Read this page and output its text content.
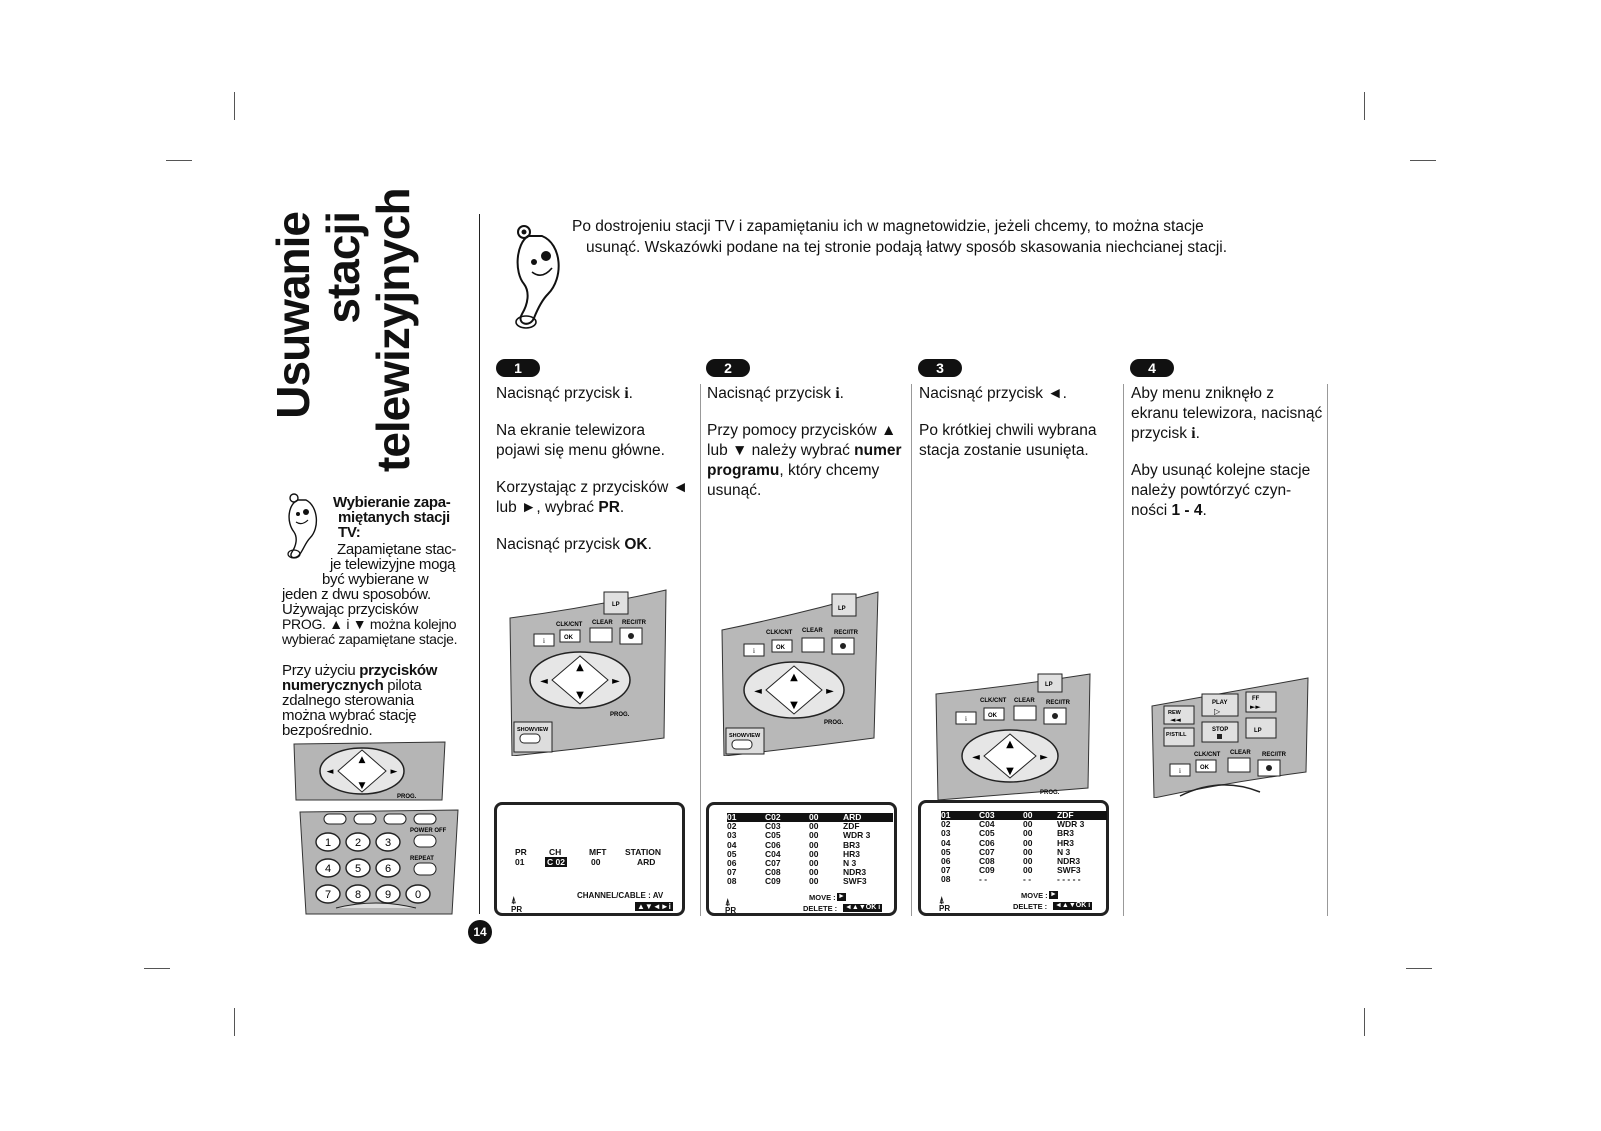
Usuwanie
stacji
telewizyjnych
Wybieranie zapa-
miętanych stacji
TV:
Zapamiętane stac-
je telewizyjne mogą
być wybierane w
jeden z dwu sposobów.
Używając przycisków
PROG. ▲ i ▼ można kolejno
wybierać zapamiętane stacje.
Przy użyciu przycisków
numerycznych pilota
zdalnego sterowania
można wybrać stację
bezpośrednio.
▲
▼
◄	►
PROG.
POWER OFF
REPEAT
1 2 3
4 5 6
7 8 9 0
Po dostrojeniu stacji TV i zapamiętaniu ich w magnetowidzie, jeżeli chcemy, to można stacje
usunąć. Wskazówki podane na tej stronie podają łatwy sposób skasowania niechcianej stacji.
1	2	3	4

Nacisnąć przycisk i.

Na ekranie telewizora pojawi się menu główne.

Korzystając z przycisków ◄ lub ►, wybrać PR.

Nacisnąć przycisk OK.

Nacisnąć przycisk i.

Przy pomocy przycisków ▲ lub ▼ należy wybrać numer programu, który chcemy usunąć.

Nacisnąć przycisk ◄.

Po krótkiej chwili wybrana stacja zostanie usunięta.

Aby menu zniknęło z ekranu telewizora, nacisnąć przycisk i.

Aby usunąć kolejne stacje należy powtórzyć czyn-ności 1 - 4.

LP
CLK/CNT CLEAR REC/ITR
i	OK
▲
▼
◄	►
PROG.
SHOWVIEW
LP
CLK/CNT CLEAR REC/ITR
i	OK
▲
▼
◄	►
PROG.
SHOWVIEW
LP
CLK/CNT CLEAR REC/ITR
i	OK
▲
▼
◄	►
PROG.
REW
◄◄
PLAY
▷
FF
►►
P/STILL
STOP	LP
CLK/CNT CLEAR REC/ITR
i	OK
PR	CH	MFT STATION
01	C 02	00	ARD
CHANNEL/CABLE : AV
⍋
PR	▲▼◄►i
01	C02	00	ARD
02	C03	00	ZDF
03	C05	00	WDR 3
04	C06	00	BR3
05	C04	00	HR3
06	C07	00	N 3
07	C08	00	NDR3
08	C09	00	SWF3
MOVE : ►
⍋
PR	DELETE : ◄▲▼OK i
01	C03	00	ZDF
02	C04	00	WDR 3
03	C05	00	BR3
04	C06	00	HR3
05	C07	00	N 3
06	C08	00	NDR3
07	C09	00	SWF3
08	- -	- -	- - - - -
MOVE : ►
⍋
PR	DELETE : ◄▲▼OK i
14
